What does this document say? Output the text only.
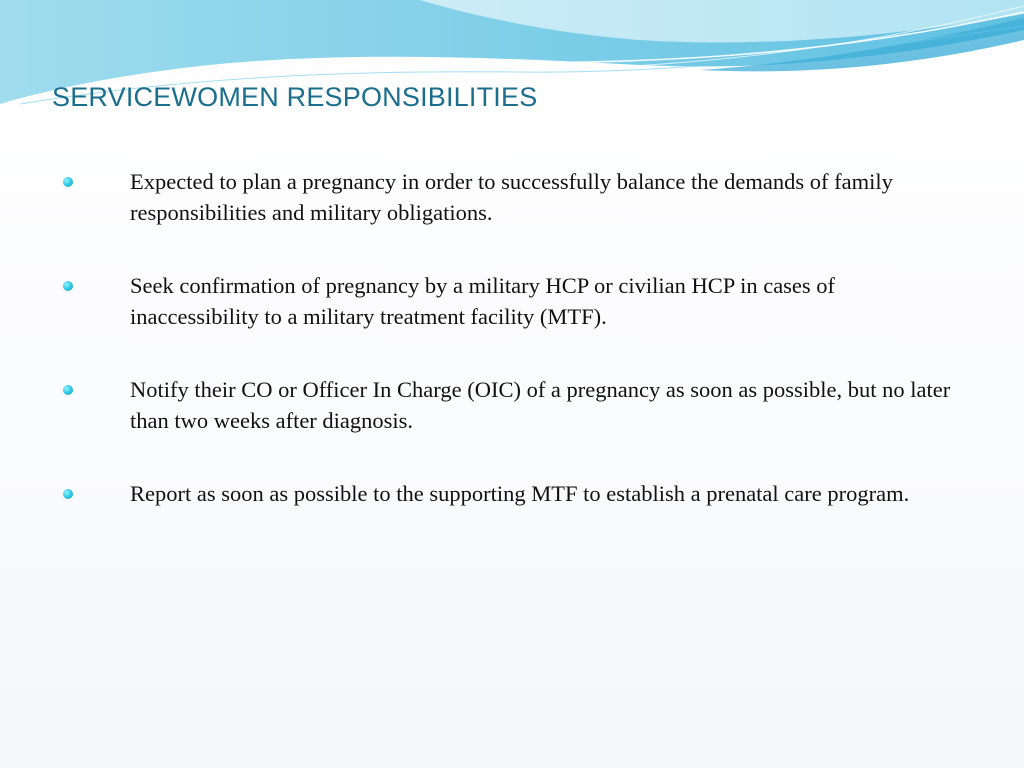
SERVICEWOMEN RESPONSIBILITIES
Expected to plan a pregnancy in order to successfully balance the demands of family responsibilities and military obligations.
Seek confirmation of pregnancy by a military HCP or civilian HCP in cases of inaccessibility to a military treatment facility (MTF).
Notify their CO or Officer In Charge (OIC) of a pregnancy as soon as possible, but no later than two weeks after diagnosis.
Report as soon as possible to the supporting MTF to establish a prenatal care program.
